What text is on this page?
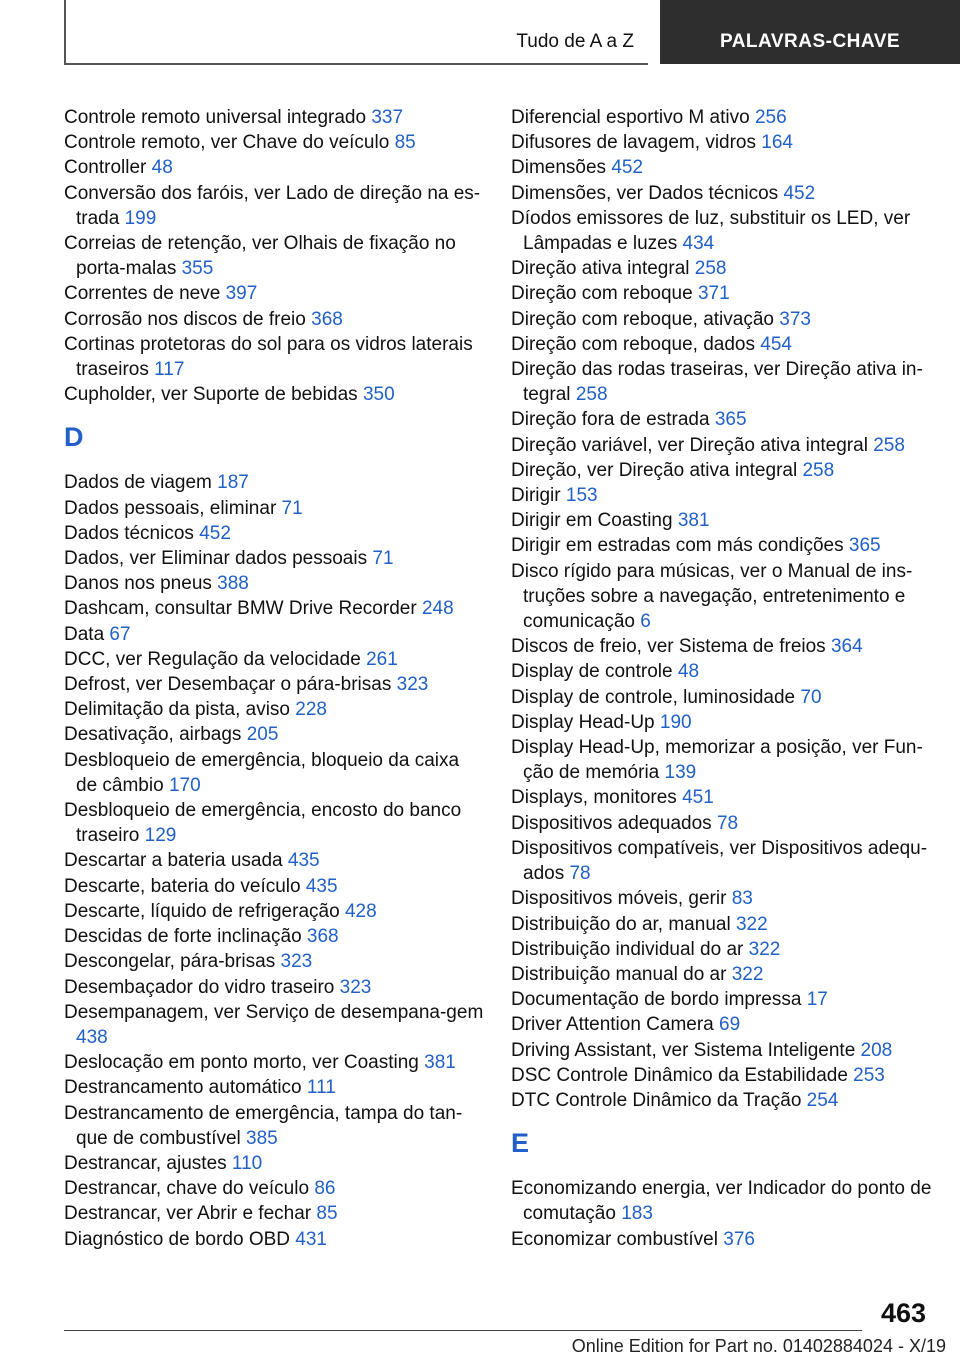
Tudo de A a Z	PALAVRAS-CHAVE

Controle remoto universal integrado 337

Controle remoto, ver Chave do veículo 85

Controller 48

Conversão dos faróis, ver Lado de direção na es-trada 199

Correias de retenção, ver Olhais de fixação no porta-malas 355

Correntes de neve 397

Corrosão nos discos de freio 368

Cortinas protetoras do sol para os vidros laterais traseiros 117

Cupholder, ver Suporte de bebidas 350

D

Dados de viagem 187

Dados pessoais, eliminar 71

Dados técnicos 452

Dados, ver Eliminar dados pessoais 71

Danos nos pneus 388

Dashcam, consultar BMW Drive Recorder 248

Data 67

DCC, ver Regulação da velocidade 261

Defrost, ver Desembaçar o pára-brisas 323

Delimitação da pista, aviso 228

Desativação, airbags 205

Desbloqueio de emergência, bloqueio da caixa de câmbio 170

Desbloqueio de emergência, encosto do banco traseiro 129

Descartar a bateria usada 435

Descarte, bateria do veículo 435

Descarte, líquido de refrigeração 428

Descidas de forte inclinação 368

Descongelar, pára-brisas 323

Desembaçador do vidro traseiro 323

Desempanagem, ver Serviço de desempana-gem 438

Deslocação em ponto morto, ver Coasting 381

Destrancamento automático 111

Destrancamento de emergência, tampa do tan-que de combustível 385

Destrancar, ajustes 110

Destrancar, chave do veículo 86

Destrancar, ver Abrir e fechar 85

Diagnóstico de bordo OBD 431

Diferencial esportivo M ativo 256

Difusores de lavagem, vidros 164

Dimensões 452

Dimensões, ver Dados técnicos 452

Díodos emissores de luz, substituir os LED, ver Lâmpadas e luzes 434

Direção ativa integral 258

Direção com reboque 371

Direção com reboque, ativação 373

Direção com reboque, dados 454

Direção das rodas traseiras, ver Direção ativa in-tegral 258

Direção fora de estrada 365

Direção variável, ver Direção ativa integral 258

Direção, ver Direção ativa integral 258

Dirigir 153

Dirigir em Coasting 381

Dirigir em estradas com más condições 365

Disco rígido para músicas, ver o Manual de ins-truções sobre a navegação, entretenimento e comunicação 6

Discos de freio, ver Sistema de freios 364

Display de controle 48

Display de controle, luminosidade 70

Display Head-Up 190

Display Head-Up, memorizar a posição, ver Fun-ção de memória 139

Displays, monitores 451

Dispositivos adequados 78

Dispositivos compatíveis, ver Dispositivos adequ-ados 78

Dispositivos móveis, gerir 83

Distribuição do ar, manual 322

Distribuição individual do ar 322

Distribuição manual do ar 322

Documentação de bordo impressa 17

Driver Attention Camera 69

Driving Assistant, ver Sistema Inteligente 208

DSC Controle Dinâmico da Estabilidade 253

DTC Controle Dinâmico da Tração 254

E

Economizando energia, ver Indicador do ponto de comutação 183

Economizar combustível 376

463
Online Edition for Part no. 01402884024 - X/19
